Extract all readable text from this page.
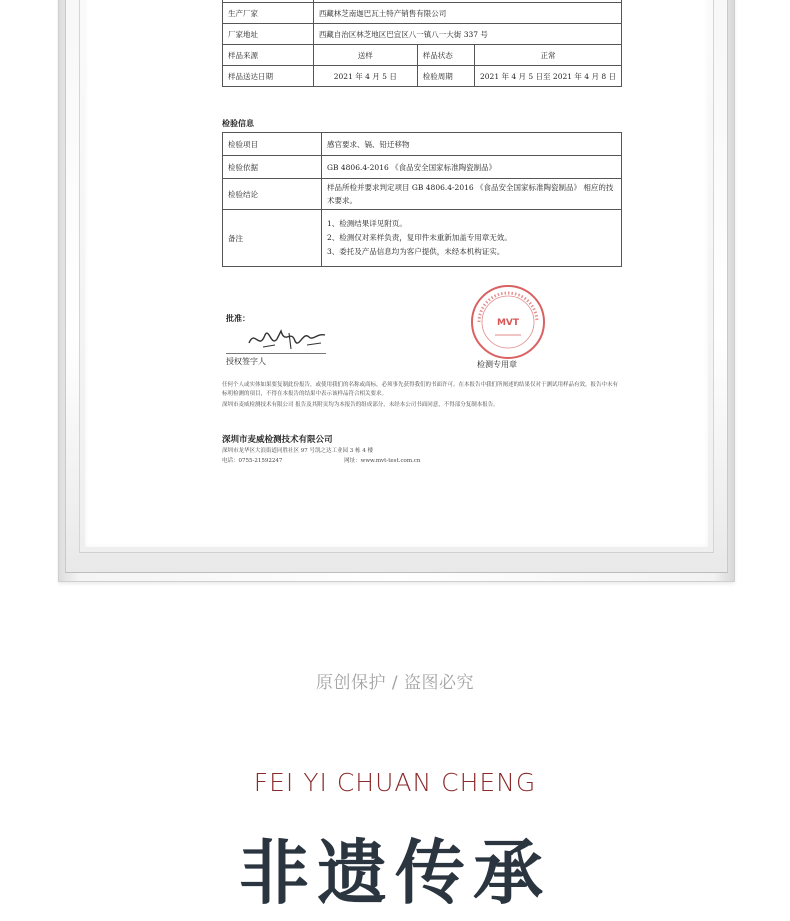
生产厂家	西藏林芝南迦巴瓦土特产销售有限公司		
厂家地址	西藏自治区林芝地区巴宜区八一镇八一大街 337 号		
样品来源	送样	样品状态	正常
样品送达日期	2021 年 4 月 5 日	检验周期	2021 年 4 月 5 日至 2021 年 4 月 8 日
检验信息
检验项目	感官要求、镉、铅迁移物
检验依据	GB 4806.4-2016 《食品安全国家标准陶瓷制品》
检验结论	样品所检并要求判定项目 GB 4806.4-2016 《食品安全国家标准陶瓷制品》 相应的技术要求。
备注	1、检测结果详见附页。
2、检测仅对来样负责，复印件未重新加盖专用章无效。
3、委托及产品信息均为客户提供，未经本机构证实。
批准：
授权签字人
MVT
检测专用章
任何个人或实体如果要复制此份报告，或使用我们的名称或商标，必须事先获得我们的书面许可。在本报告中我们所阐述的结果仅对于测试用样品有效，报告中未有标明检测的项目，不得在本报告的结果中表示该样品符合相关要求。
深圳市麦威检测技术有限公司 报告及其附页均为本报告的组成部分，未经本公司书面同意，不得部分复制本报告。
深圳市麦威检测技术有限公司
深圳市龙华区大浪街道同胜社区 97 号凯之达工业园 3 栋 4 楼
电话：0755-21592247	网址：www.mvt-test.com.cn
原创保护 / 盗图必究
FEI YI CHUAN CHENG
非遗传承
